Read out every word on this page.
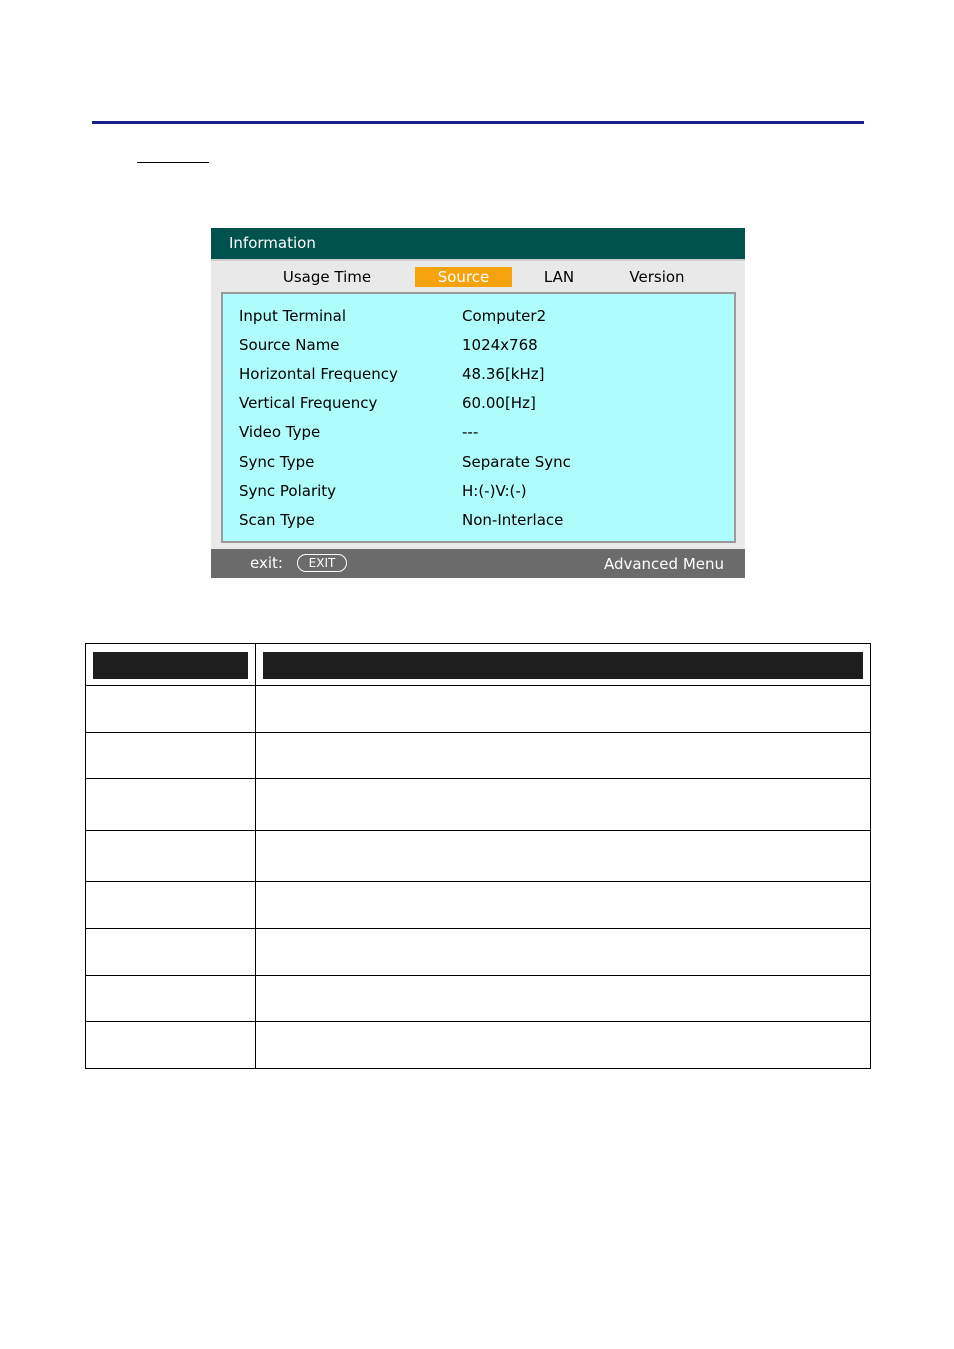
Information
Usage Time	Source	LAN	Version
Input Terminal	Computer2
Source Name	1024x768
Horizontal Frequency	48.36[kHz]
Vertical Frequency	60.00[Hz]
Video Type	---
Sync Type	Separate Sync
Sync Polarity	H:(-)V:(-)
Scan Type	Non-Interlace
exit:	EXIT	Advanced Menu
